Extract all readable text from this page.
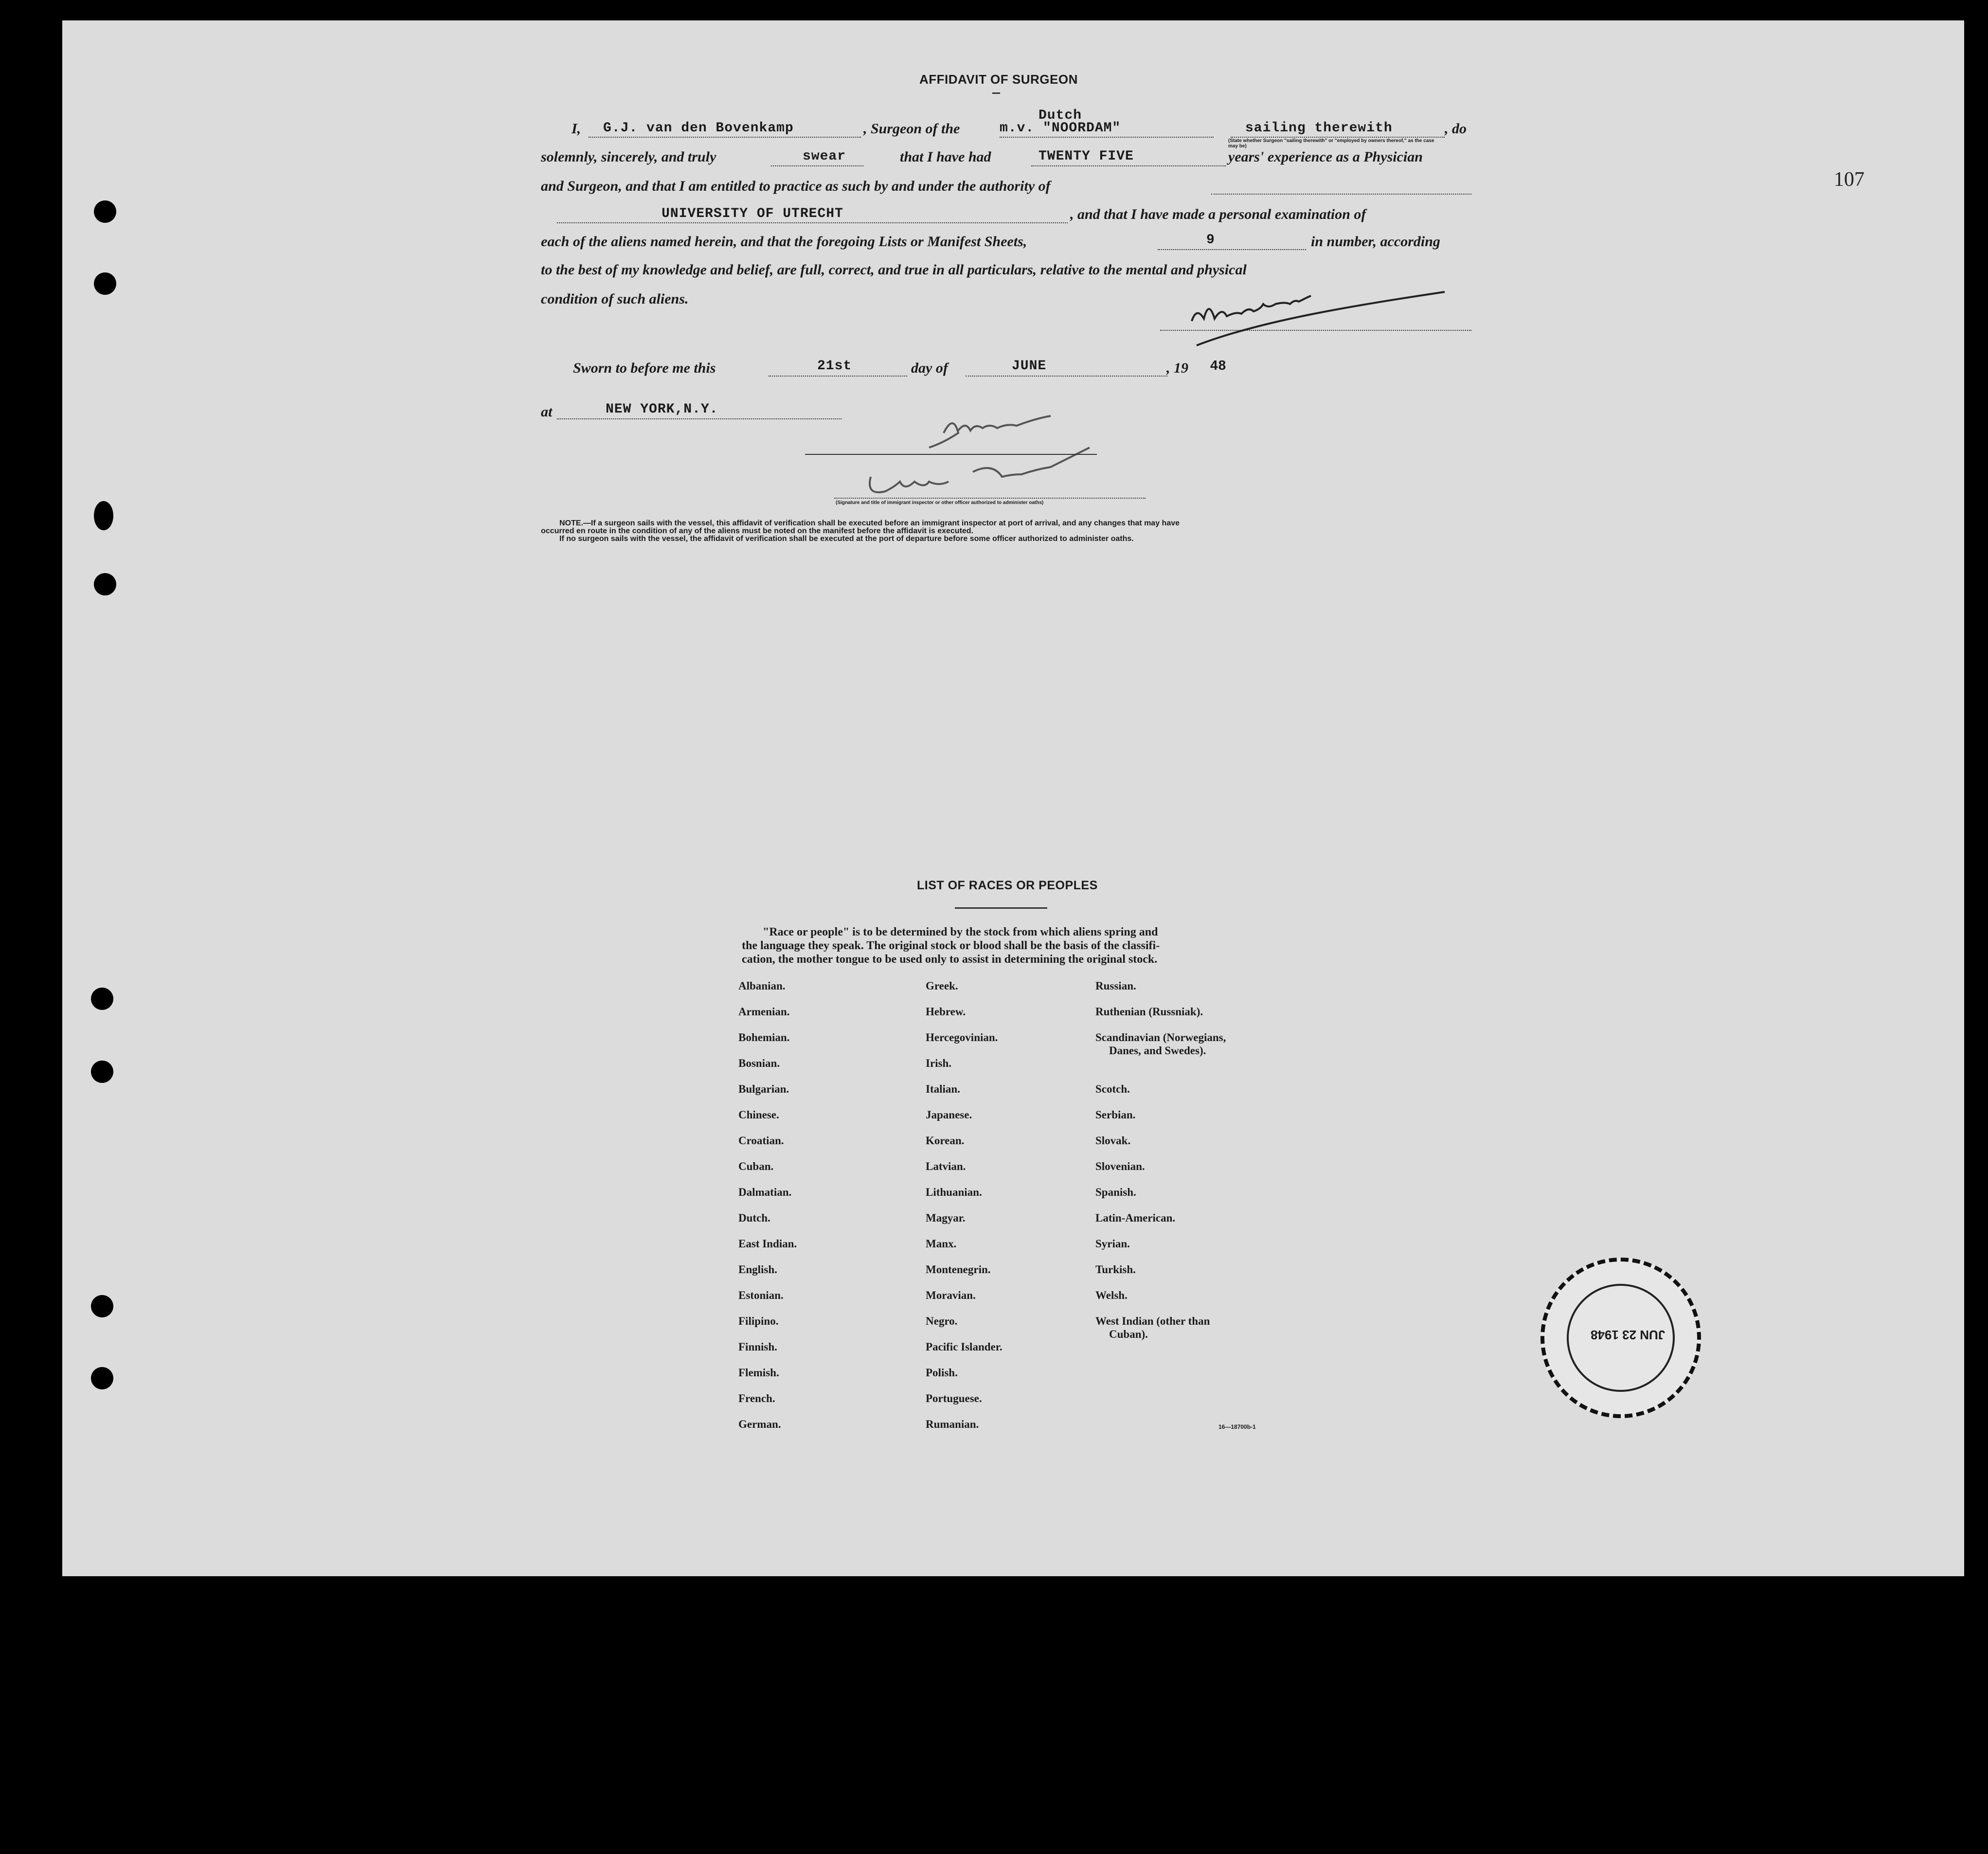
107
AFFIDAVIT OF SURGEON
Dutch
I, G.J. van den Bovenkamp	, Surgeon of the	m.v. "NOORDAM"	sailing therewith	, do
(State whether Surgeon "sailing therewith" or "employed by owners thereof," as the case may be)
solemnly, sincerely, and truly	swear	that I have had	TWENTY FIVE	years' experience as a Physician
and Surgeon, and that I am entitled to practice as such by and under the authority of
UNIVERSITY OF UTRECHT	, and that I have made a personal examination of
each of the aliens named herein, and that the foregoing Lists or Manifest Sheets,	9	in number, according
to the best of my knowledge and belief, are full, correct, and true in all particulars, relative to the mental and physical
condition of such aliens.
Sworn to before me this	21st	day of	JUNE	, 19 48
at	NEW YORK,N.Y.
(Signature and title of immigrant inspector or other officer authorized to administer oaths)
NOTE.—If a surgeon sails with the vessel, this affidavit of verification shall be executed before an immigrant inspector at port of arrival, and any changes that may have
occurred en route in the condition of any of the aliens must be noted on the manifest before the affidavit is executed.
If no surgeon sails with the vessel, the affidavit of verification shall be executed at the port of departure before some officer authorized to administer oaths.
LIST OF RACES OR PEOPLES
"Race or people" is to be determined by the stock from which aliens spring and
the language they speak. The original stock or blood shall be the basis of the classifi-
cation, the mother tongue to be used only to assist in determining the original stock.
Albanian.
Armenian.
Bohemian.
Bosnian.
Bulgarian.
Chinese.
Croatian.
Cuban.
Dalmatian.
Dutch.
East Indian.
English.
Estonian.
Filipino.
Finnish.
Flemish.
French.
German.
Greek.
Hebrew.
Hercegovinian.
Irish.
Italian.
Japanese.
Korean.
Latvian.
Lithuanian.
Magyar.
Manx.
Montenegrin.
Moravian.
Negro.
Pacific Islander.
Polish.
Portuguese.
Rumanian.
Russian.
Ruthenian (Russniak).
Scandinavian (Norwegians,
Danes, and Swedes).
Scotch.
Serbian.
Slovak.
Slovenian.
Spanish.
Latin-American.
Syrian.
Turkish.
Welsh.
West Indian (other than
Cuban).
16—18700b-1
JUN 23 1948
